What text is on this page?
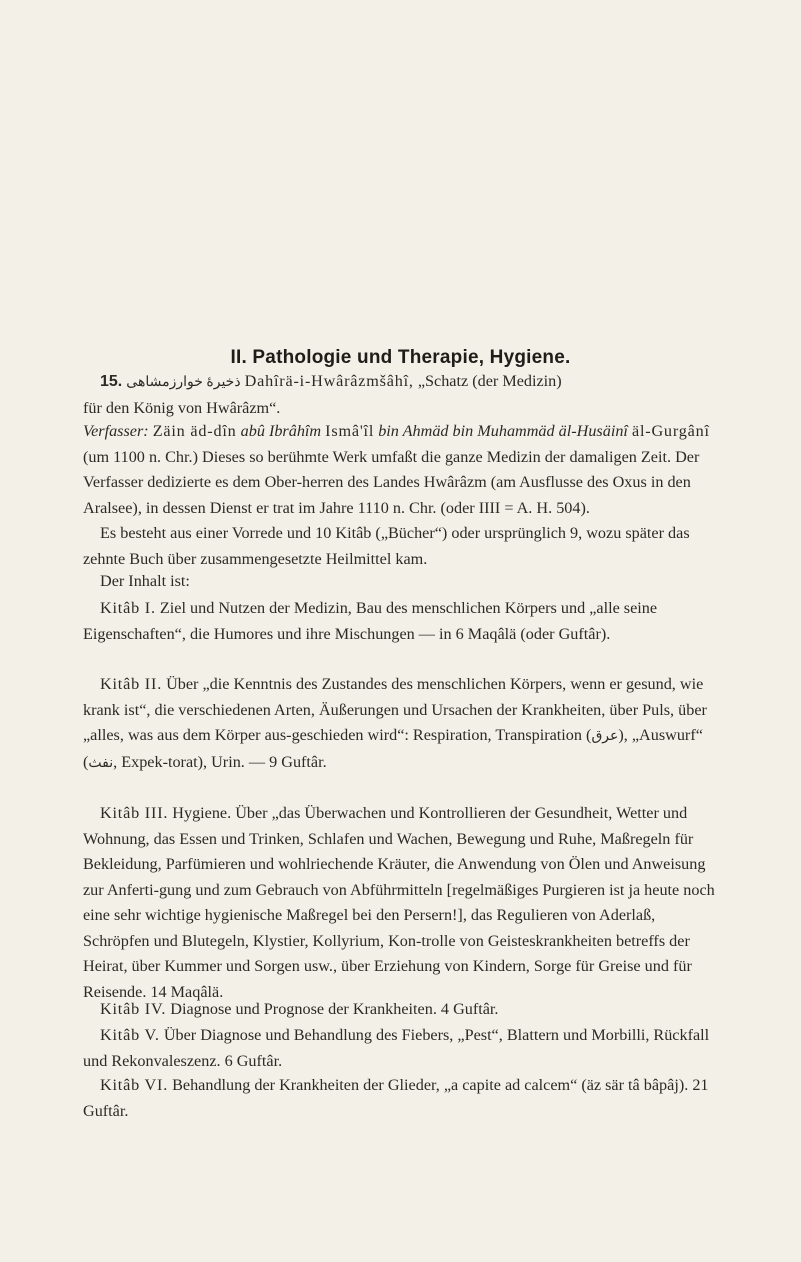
II. Pathologie und Therapie, Hygiene.

15. ذخيرۀ خوارزمشاهى Dahîrä-i-Hwârâzmšâhî, „Schatz (der Medizin)

für den König von Hwârâzm“.

Verfasser: Zäin äd-dîn abû Ibrâhîm Ismâ'îl bin Ahmäd bin Muhammäd äl-Husäinî äl-Gurgânî (um 1100 n. Chr.) Dieses so berühmte Werk umfaßt die ganze Medizin der damaligen Zeit. Der Verfasser dedizierte es dem Ober-herren des Landes Hwârâzm (am Ausflusse des Oxus in den Aralsee), in dessen Dienst er trat im Jahre 1110 n. Chr. (oder IIII = A. H. 504).

Es besteht aus einer Vorrede und 10 Kitâb („Bücher“) oder ursprünglich 9, wozu später das zehnte Buch über zusammengesetzte Heilmittel kam.

Der Inhalt ist:

Kitâb I. Ziel und Nutzen der Medizin, Bau des menschlichen Körpers und „alle seine Eigenschaften“, die Humores und ihre Mischungen — in 6 Maqâlä (oder Guftâr).

Kitâb II. Über „die Kenntnis des Zustandes des menschlichen Körpers, wenn er gesund, wie krank ist“, die verschiedenen Arten, Äußerungen und Ursachen der Krankheiten, über Puls, über „alles, was aus dem Körper aus-geschieden wird“: Respiration, Transpiration (عرق), „Auswurf“ (نفث, Expek-torat), Urin. — 9 Guftâr.

Kitâb III. Hygiene. Über „das Überwachen und Kontrollieren der Gesundheit, Wetter und Wohnung, das Essen und Trinken, Schlafen und Wachen, Bewegung und Ruhe, Maßregeln für Bekleidung, Parfümieren und wohlriechende Kräuter, die Anwendung von Ölen und Anweisung zur Anferti-gung und zum Gebrauch von Abführmitteln [regelmäßiges Purgieren ist ja heute noch eine sehr wichtige hygienische Maßregel bei den Persern!], das Regulieren von Aderlaß, Schröpfen und Blutegeln, Klystier, Kollyrium, Kon-trolle von Geisteskrankheiten betreffs der Heirat, über Kummer und Sorgen usw., über Erziehung von Kindern, Sorge für Greise und für Reisende. 14 Maqâlä.

Kitâb IV. Diagnose und Prognose der Krankheiten. 4 Guftâr.

Kitâb V. Über Diagnose und Behandlung des Fiebers, „Pest“, Blattern und Morbilli, Rückfall und Rekonvaleszenz. 6 Guftâr.

Kitâb VI. Behandlung der Krankheiten der Glieder, „a capite ad calcem“ (äz sär tâ bâpâj). 21 Guftâr.
